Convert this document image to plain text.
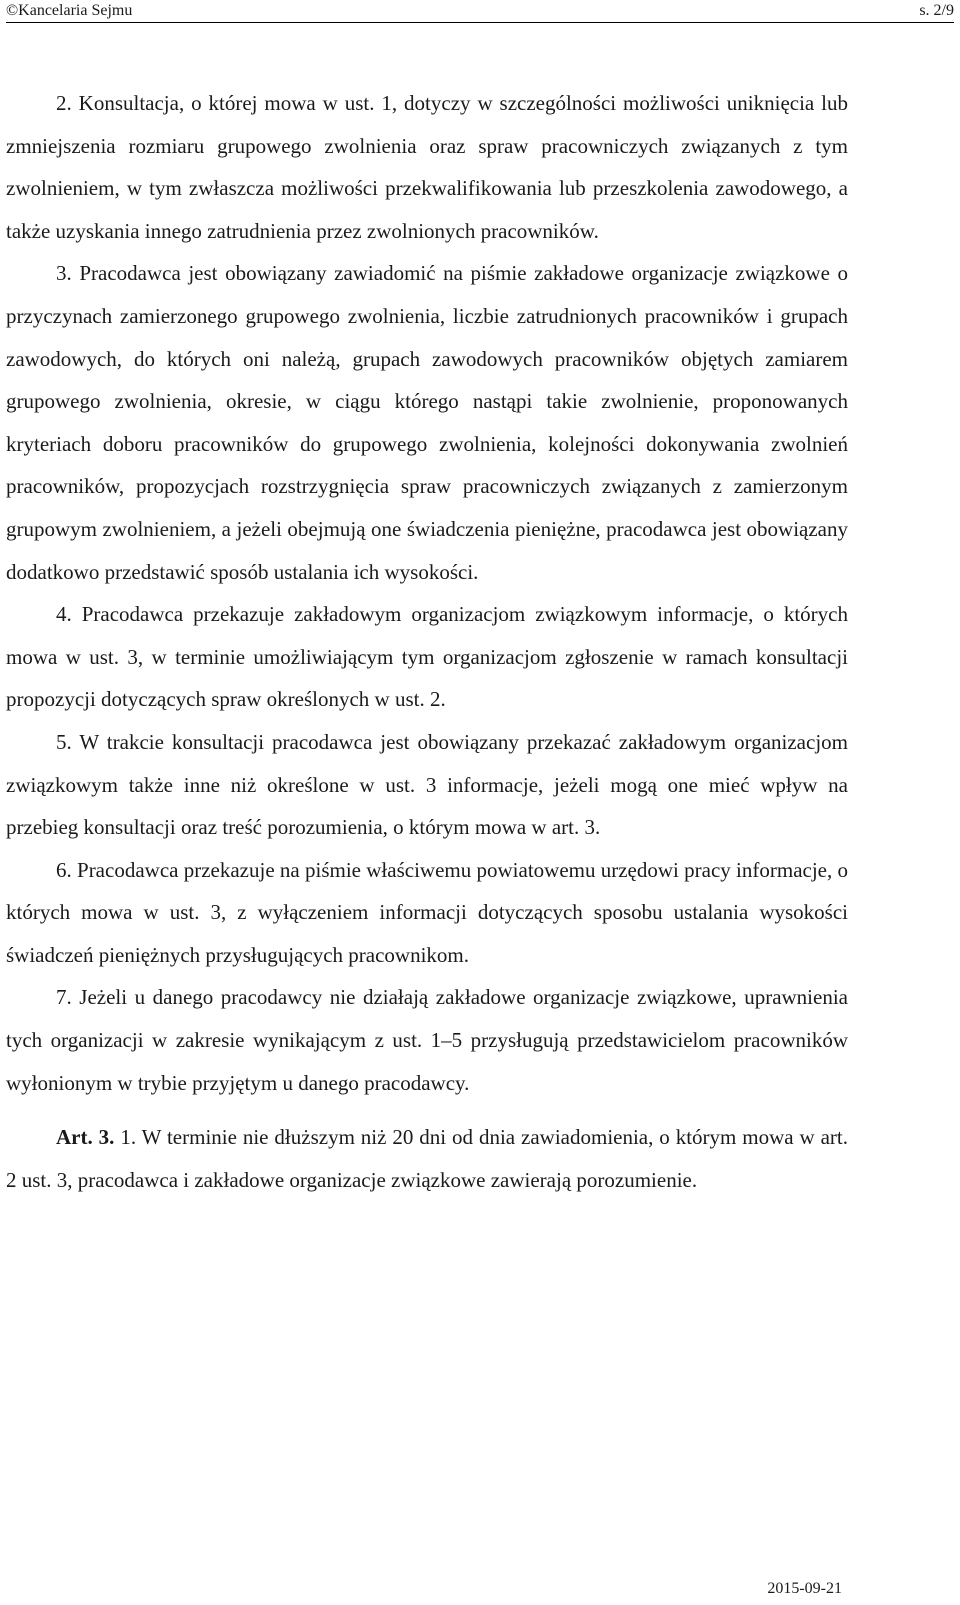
©Kancelaria Sejmu	s. 2/9

2. Konsultacja, o której mowa w ust. 1, dotyczy w szczególności możliwości uniknięcia lub zmniejszenia rozmiaru grupowego zwolnienia oraz spraw pracowniczych związanych z tym zwolnieniem, w tym zwłaszcza możliwości przekwalifikowania lub przeszkolenia zawodowego, a także uzyskania innego zatrudnienia przez zwolnionych pracowników.

3. Pracodawca jest obowiązany zawiadomić na piśmie zakładowe organizacje związkowe o przyczynach zamierzonego grupowego zwolnienia, liczbie zatrudnionych pracowników i grupach zawodowych, do których oni należą, grupach zawodowych pracowników objętych zamiarem grupowego zwolnienia, okresie, w ciągu którego nastąpi takie zwolnienie, proponowanych kryteriach doboru pracowników do grupowego zwolnienia, kolejności dokonywania zwolnień pracowników, propozycjach rozstrzygnięcia spraw pracowniczych związanych z zamierzonym grupowym zwolnieniem, a jeżeli obejmują one świadczenia pieniężne, pracodawca jest obowiązany dodatkowo przedstawić sposób ustalania ich wysokości.

4. Pracodawca przekazuje zakładowym organizacjom związkowym informacje, o których mowa w ust. 3, w terminie umożliwiającym tym organizacjom zgłoszenie w ramach konsultacji propozycji dotyczących spraw określonych w ust. 2.

5. W trakcie konsultacji pracodawca jest obowiązany przekazać zakładowym organizacjom związkowym także inne niż określone w ust. 3 informacje, jeżeli mogą one mieć wpływ na przebieg konsultacji oraz treść porozumienia, o którym mowa w art. 3.

6. Pracodawca przekazuje na piśmie właściwemu powiatowemu urzędowi pracy informacje, o których mowa w ust. 3, z wyłączeniem informacji dotyczących sposobu ustalania wysokości świadczeń pieniężnych przysługujących pracownikom.

7. Jeżeli u danego pracodawcy nie działają zakładowe organizacje związkowe, uprawnienia tych organizacji w zakresie wynikającym z ust. 1–5 przysługują przedstawicielom pracowników wyłonionym w trybie przyjętym u danego pracodawcy.

Art. 3. 1. W terminie nie dłuższym niż 20 dni od dnia zawiadomienia, o którym mowa w art. 2 ust. 3, pracodawca i zakładowe organizacje związkowe zawierają porozumienie.

2015-09-21
